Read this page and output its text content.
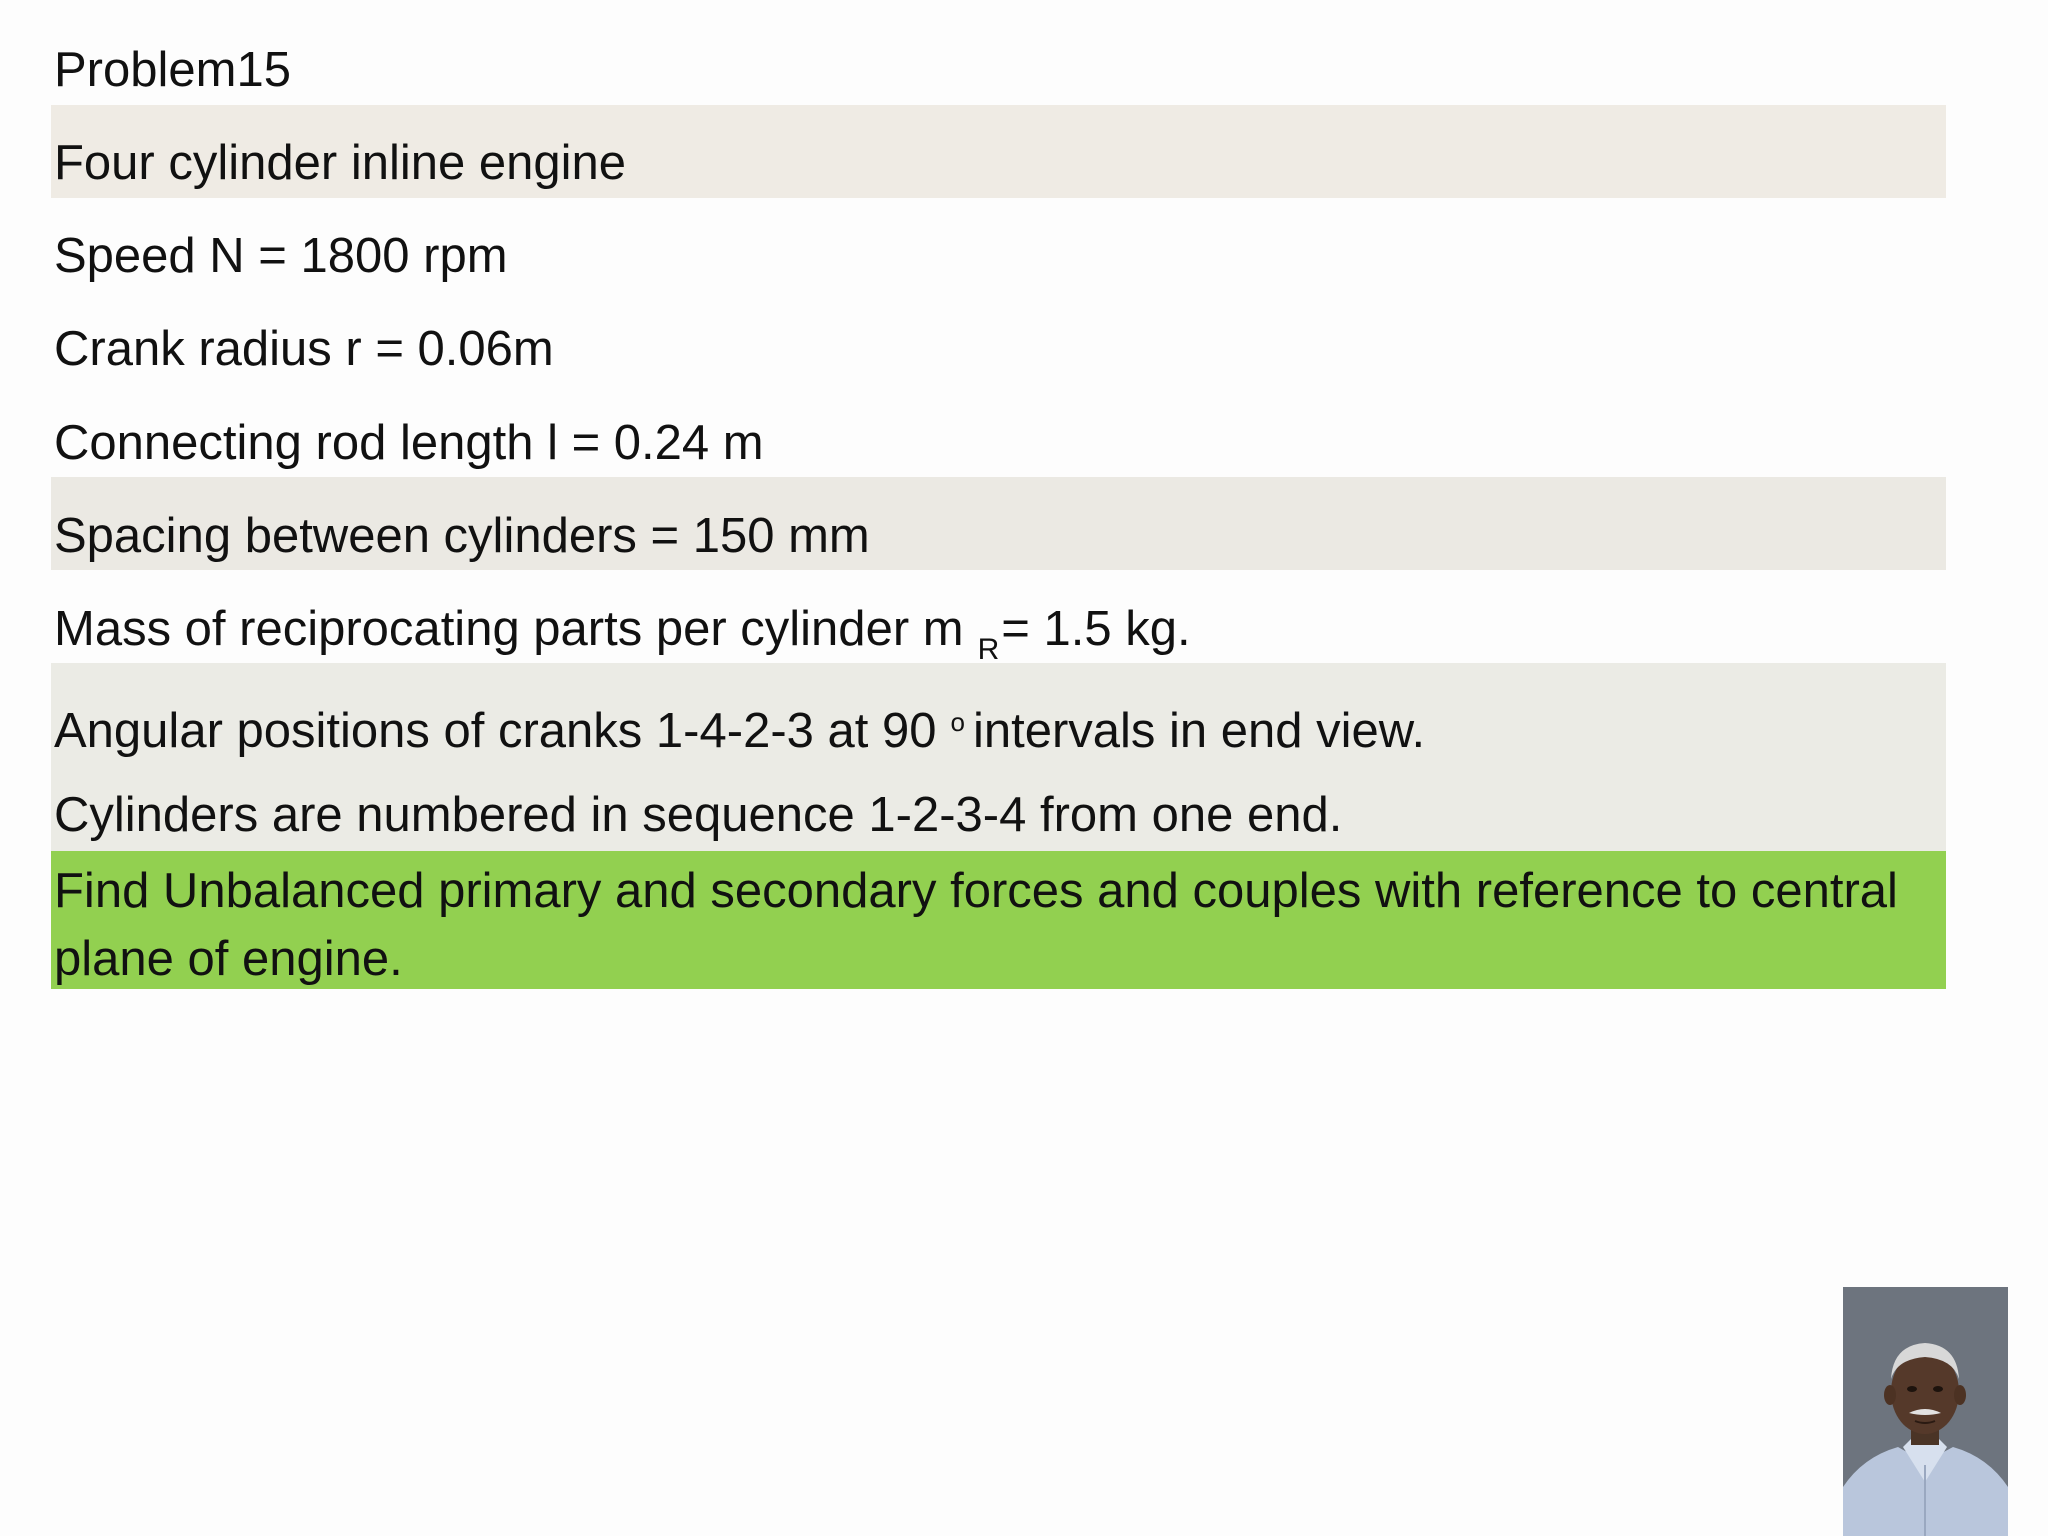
Problem15
Four cylinder inline engine
Speed N = 1800 rpm
Crank radius r = 0.06m
Connecting rod length l = 0.24 m
Spacing between cylinders = 150 mm
Mass of reciprocating parts per cylinder m $_R$= 1.5 kg.
Angular positions of cranks 1-4-2-3 at 90 $^o$ intervals in end view.
Cylinders are numbered in sequence 1-2-3-4 from one end.
Find Unbalanced primary and secondary forces and couples with reference to central plane of engine.
